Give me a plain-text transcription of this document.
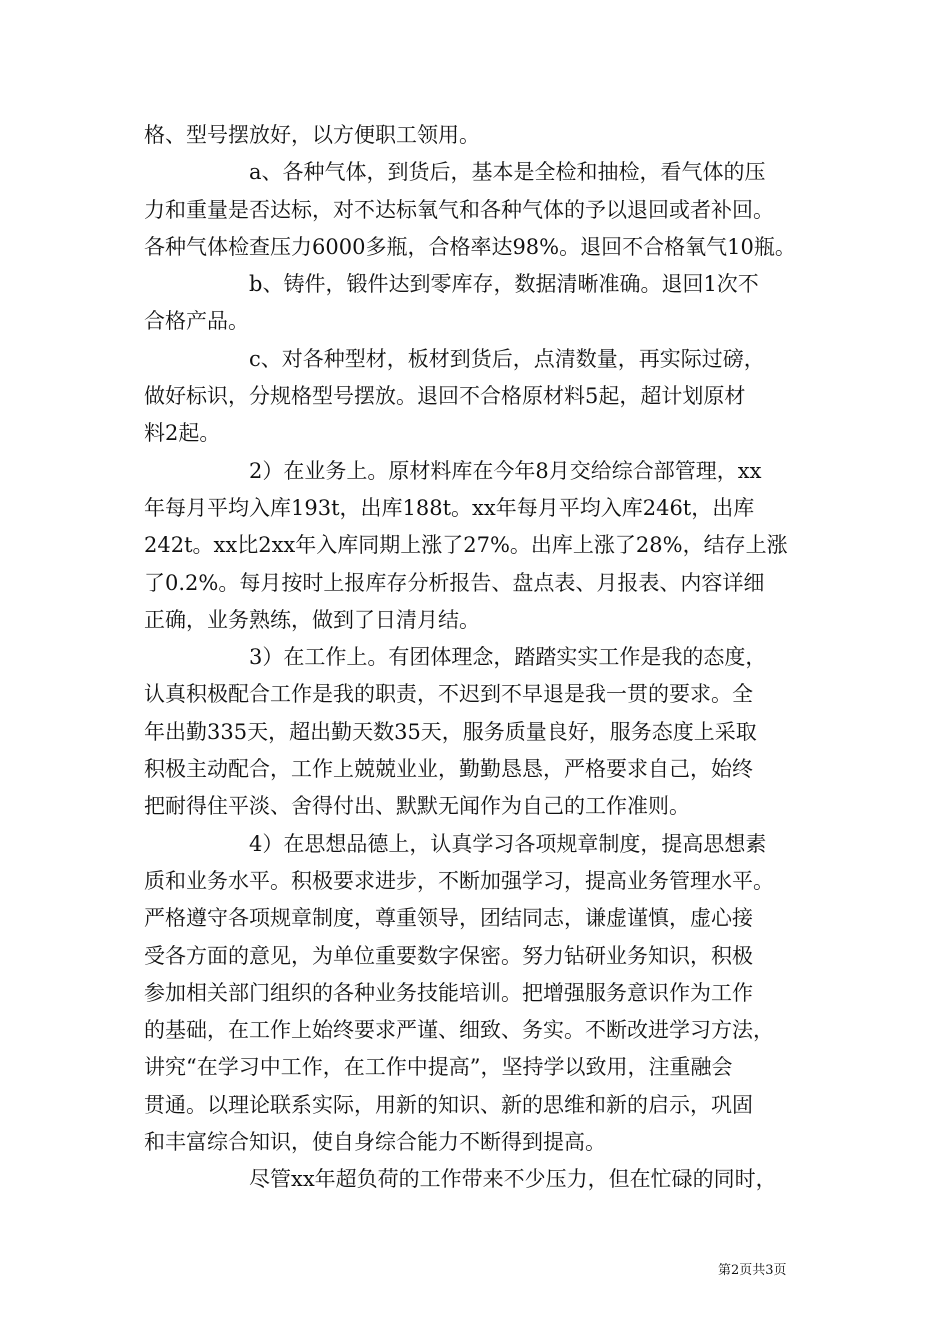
格、型号摆放好，以方便职工领用。
a、各种气体，到货后，基本是全检和抽检，看气体的压
力和重量是否达标，对不达标氧气和各种气体的予以退回或者补回。
各种气体检查压力6000多瓶，合格率达98%。退回不合格氧气10瓶。
b、铸件，锻件达到零库存，数据清晰准确。退回1次不
合格产品。
c、对各种型材，板材到货后，点清数量，再实际过磅，
做好标识，分规格型号摆放。退回不合格原材料5起，超计划原材
料2起。
2）在业务上。原材料库在今年8月交给综合部管理，xx
年每月平均入库193t，出库188t。xx年每月平均入库246t，出库
242t。xx比2xx年入库同期上涨了27%。出库上涨了28%，结存上涨
了0.2%。每月按时上报库存分析报告、盘点表、月报表、内容详细
正确，业务熟练，做到了日清月结。
3）在工作上。有团体理念，踏踏实实工作是我的态度，
认真积极配合工作是我的职责，不迟到不早退是我一贯的要求。全
年出勤335天，超出勤天数35天，服务质量良好，服务态度上采取
积极主动配合，工作上兢兢业业，勤勤恳恳，严格要求自己，始终
把耐得住平淡、舍得付出、默默无闻作为自己的工作准则。
4）在思想品德上，认真学习各项规章制度，提高思想素
质和业务水平。积极要求进步，不断加强学习，提高业务管理水平。
严格遵守各项规章制度，尊重领导，团结同志，谦虚谨慎，虚心接
受各方面的意见，为单位重要数字保密。努力钻研业务知识，积极
参加相关部门组织的各种业务技能培训。把增强服务意识作为工作
的基础，在工作上始终要求严谨、细致、务实。不断改进学习方法，
讲究“在学习中工作，在工作中提高”，坚持学以致用，注重融会
贯通。以理论联系实际，用新的知识、新的思维和新的启示，巩固
和丰富综合知识，使自身综合能力不断得到提高。
尽管xx年超负荷的工作带来不少压力，但在忙碌的同时，
第2页共3页
